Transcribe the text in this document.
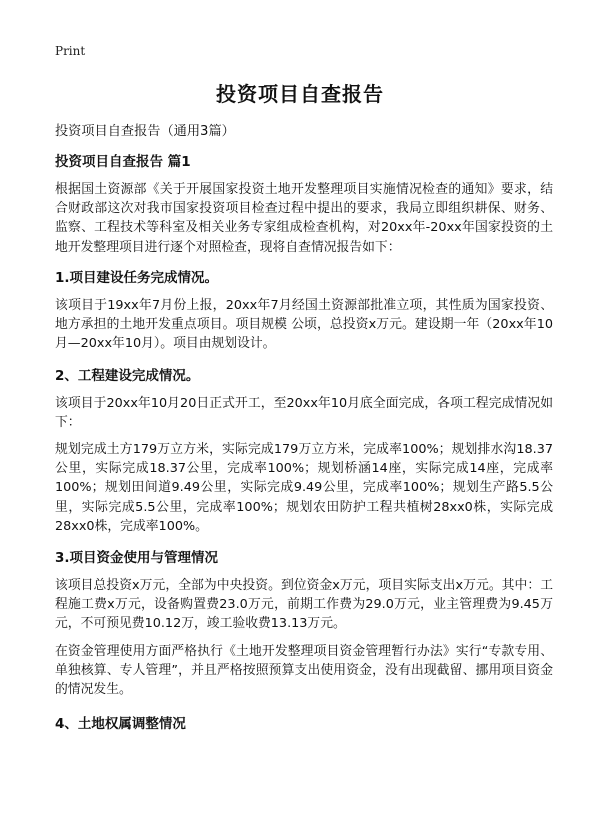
Print
投资项目自查报告
投资项目自查报告（通用3篇）
投资项目自查报告 篇1

根据国土资源部《关于开展国家投资土地开发整理项目实施情况检查的通知》要求，结合财政部这次对我市国家投资项目检查过程中提出的要求，我局立即组织耕保、财务、监察、工程技术等科室及相关业务专家组成检查机构，对20xx年-20xx年国家投资的土地开发整理项目进行逐个对照检查，现将自查情况报告如下：

1.项目建设任务完成情况。

该项目于19xx年7月份上报，20xx年7月经国土资源部批准立项，其性质为国家投资、地方承担的土地开发重点项目。项目规模 公顷，总投资x万元。建设期一年（20xx年10月—20xx年10月）。项目由规划设计。

2、工程建设完成情况。

该项目于20xx年10月20日正式开工，至20xx年10月底全面完成，各项工程完成情况如下：

规划完成土方179万立方米，实际完成179万立方米，完成率100%；规划排水沟18.37公里，实际完成18.37公里，完成率100%；规划桥涵14座，实际完成14座，完成率100%；规划田间道9.49公里，实际完成9.49公里，完成率100%；规划生产路5.5公里，实际完成5.5公里，完成率100%；规划农田防护工程共植树28xx0株，实际完成28xx0株，完成率100%。

3.项目资金使用与管理情况

该项目总投资x万元，全部为中央投资。到位资金x万元，项目实际支出x万元。其中：工程施工费x万元，设备购置费23.0万元，前期工作费为29.0万元，业主管理费为9.45万元，不可预见费10.12万，竣工验收费13.13万元。

在资金管理使用方面严格执行《土地开发整理项目资金管理暂行办法》实行“专款专用、单独核算、专人管理”，并且严格按照预算支出使用资金，没有出现截留、挪用项目资金的情况发生。

4、土地权属调整情况
